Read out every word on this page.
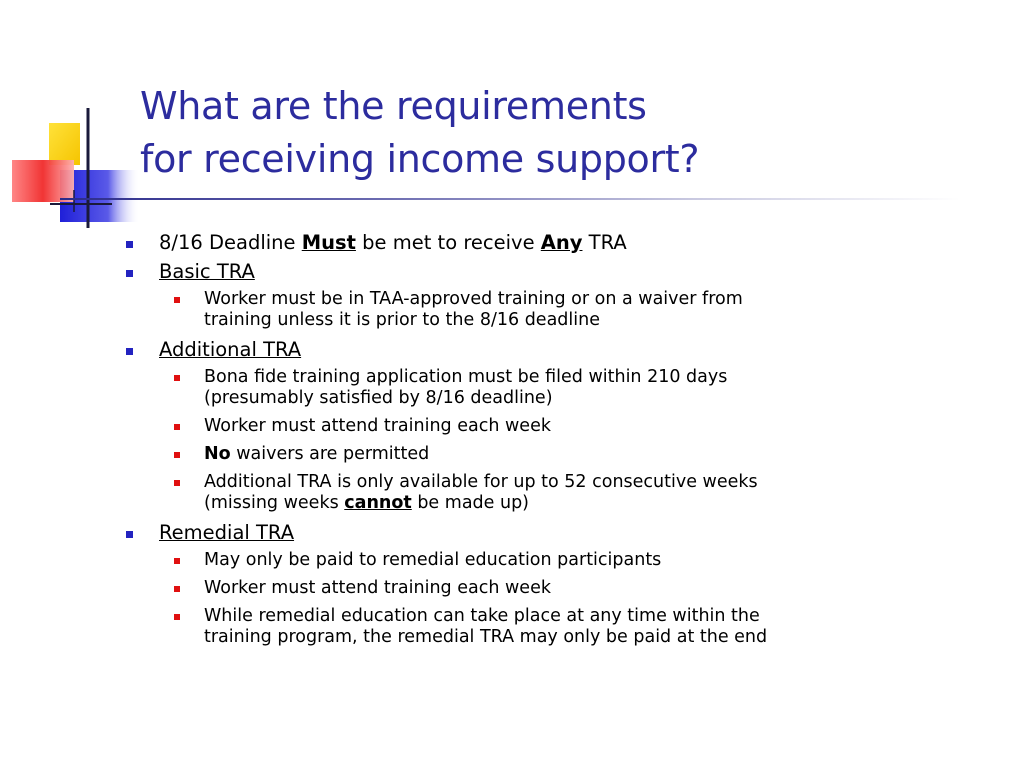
What are the requirements
for receiving income support?
8/16 Deadline Must be met to receive Any TRA
Basic TRA
Worker must be in TAA-approved training or on a waiver from
training unless it is prior to the 8/16 deadline
Additional TRA
Bona fide training application must be filed within 210 days
(presumably satisfied by 8/16 deadline)
Worker must attend training each week
No waivers are permitted
Additional TRA is only available for up to 52 consecutive weeks
(missing weeks cannot be made up)
Remedial TRA
May only be paid to remedial education participants
Worker must attend training each week
While remedial education can take place at any time within the
training program, the remedial TRA may only be paid at the end
